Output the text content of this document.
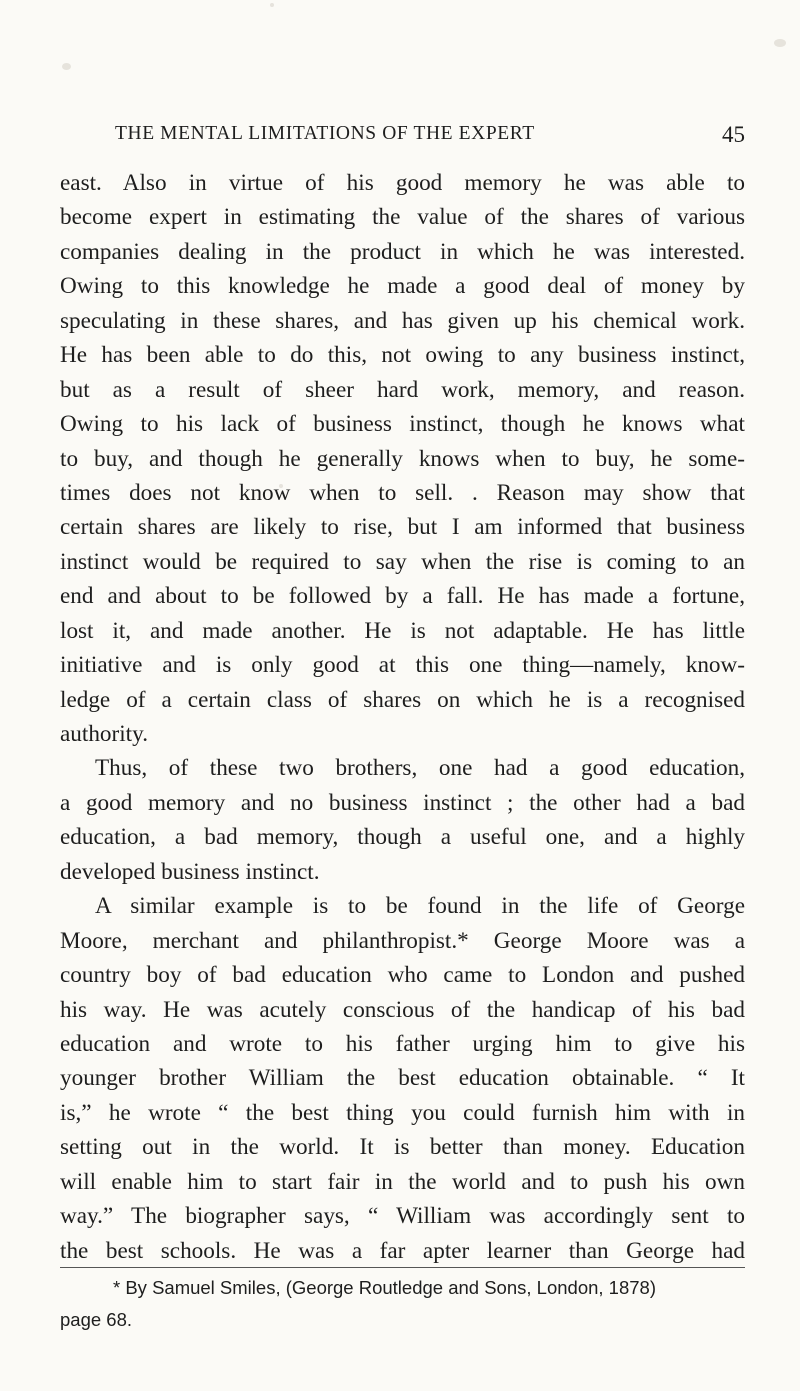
THE MENTAL LIMITATIONS OF THE EXPERT	45
east. Also in virtue of his good memory he was able to
become expert in estimating the value of the shares of various
companies dealing in the product in which he was interested.
Owing to this knowledge he made a good deal of money by
speculating in these shares, and has given up his chemical work.
He has been able to do this, not owing to any business instinct,
but as a result of sheer hard work, memory, and reason.
Owing to his lack of business instinct, though he knows what
to buy, and though he generally knows when to buy, he some-
times does not know when to sell. . Reason may show that
certain shares are likely to rise, but I am informed that business
instinct would be required to say when the rise is coming to an
end and about to be followed by a fall. He has made a fortune,
lost it, and made another. He is not adaptable. He has little
initiative and is only good at this one thing—namely, know-
ledge of a certain class of shares on which he is a recognised
authority.
Thus, of these two brothers, one had a good education,
a good memory and no business instinct ; the other had a bad
education, a bad memory, though a useful one, and a highly
developed business instinct.
A similar example is to be found in the life of George
Moore, merchant and philanthropist.* George Moore was a
country boy of bad education who came to London and pushed
his way. He was acutely conscious of the handicap of his bad
education and wrote to his father urging him to give his
younger brother William the best education obtainable. “ It
is,” he wrote “ the best thing you could furnish him with in
setting out in the world. It is better than money. Education
will enable him to start fair in the world and to push his own
way.” The biographer says, “ William was accordingly sent to
the best schools. He was a far apter learner than George had
* By Samuel Smiles, (George Routledge and Sons, London, 1878)
page 68.
